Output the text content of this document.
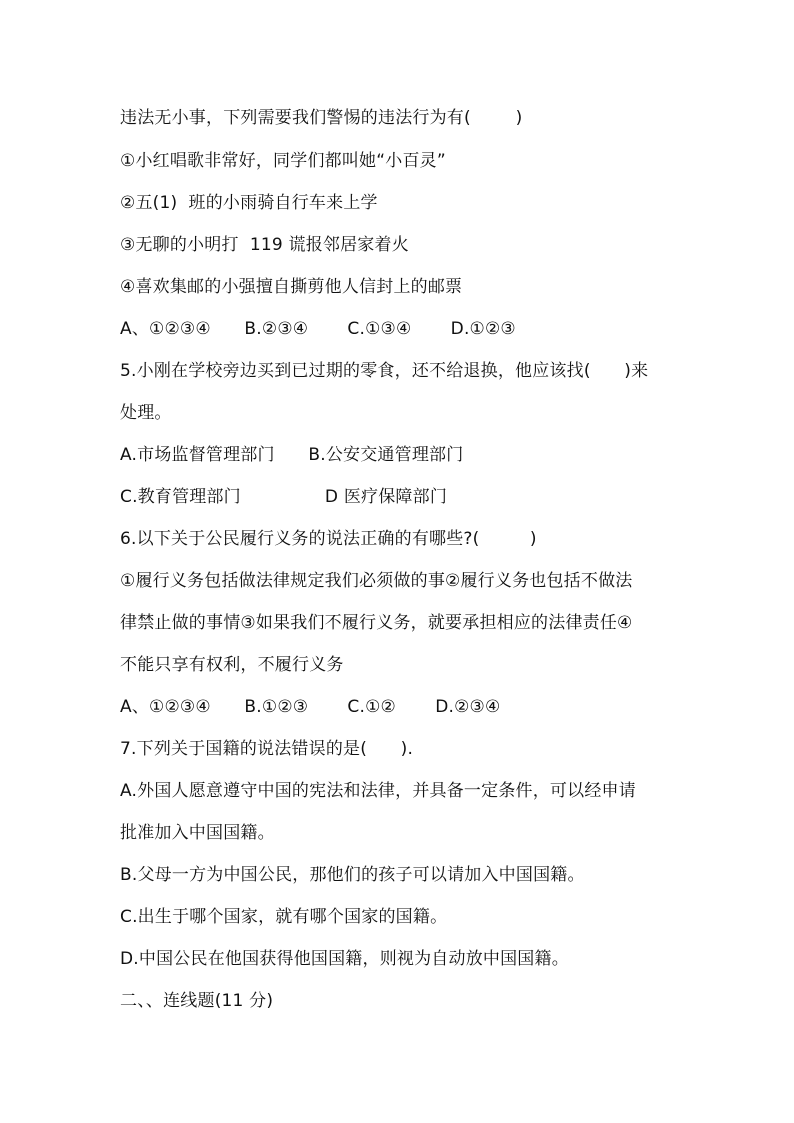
违法无小事，下列需要我们警惕的违法行为有(        )
①小红唱歌非常好，同学们都叫她“小百灵”
②五(1)  班的小雨骑自行车来上学
③无聊的小明打  119 谎报邻居家着火
④喜欢集邮的小强擅自撕剪他人信封上的邮票
A、①②③④      B.②③④       C.①③④       D.①②③
5.小刚在学校旁边买到已过期的零食，还不给退换，他应该找(      )来
处理。
A.市场监督管理部门      B.公安交通管理部门
C.教育管理部门               D 医疗保障部门
6.以下关于公民履行义务的说法正确的有哪些?(         )
①履行义务包括做法律规定我们必须做的事②履行义务也包括不做法
律禁止做的事情③如果我们不履行义务，就要承担相应的法律责任④
不能只享有权利，不履行义务
A、①②③④      B.①②③       C.①②       D.②③④
7.下列关于国籍的说法错误的是(      ).
A.外国人愿意遵守中国的宪法和法律，并具备一定条件，可以经申请
批准加入中国国籍。
B.父母一方为中国公民，那他们的孩子可以请加入中国国籍。
C.出生于哪个国家，就有哪个国家的国籍。
D.中国公民在他国获得他国国籍，则视为自动放中国国籍。
二、、连线题(11 分)
